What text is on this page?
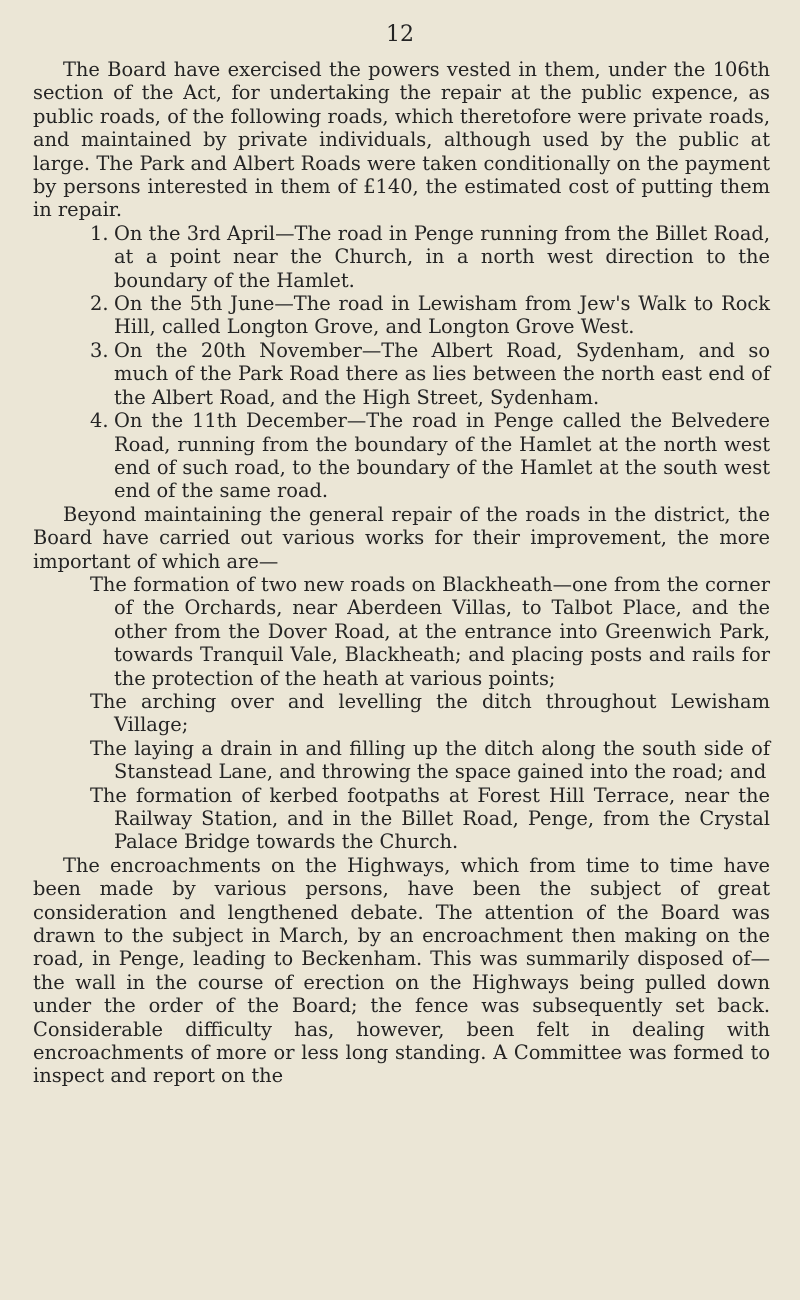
12

The Board have exercised the powers vested in them, under the 106th section of the Act, for undertaking the repair at the public expence, as public roads, of the following roads, which theretofore were private roads, and maintained by private individuals, although used by the public at large. The Park and Albert Roads were taken conditionally on the payment by persons interested in them of £140, the estimated cost of putting them in repair.

1. On the 3rd April—The road in Penge running from the Billet Road, at a point near the Church, in a north west direction to the boundary of the Hamlet.

2. On the 5th June—The road in Lewisham from Jew's Walk to Rock Hill, called Longton Grove, and Longton Grove West.

3. On the 20th November—The Albert Road, Sydenham, and so much of the Park Road there as lies between the north east end of the Albert Road, and the High Street, Sydenham.

4. On the 11th December—The road in Penge called the Belvedere Road, running from the boundary of the Hamlet at the north west end of such road, to the boundary of the Hamlet at the south west end of the same road.

Beyond maintaining the general repair of the roads in the district, the Board have carried out various works for their improvement, the more important of which are—

The formation of two new roads on Blackheath—one from the corner of the Orchards, near Aberdeen Villas, to Talbot Place, and the other from the Dover Road, at the entrance into Greenwich Park, towards Tranquil Vale, Blackheath; and placing posts and rails for the protection of the heath at various points;

The arching over and levelling the ditch throughout Lewisham Village;

The laying a drain in and filling up the ditch along the south side of Stanstead Lane, and throwing the space gained into the road; and

The formation of kerbed footpaths at Forest Hill Terrace, near the Railway Station, and in the Billet Road, Penge, from the Crystal Palace Bridge towards the Church.

The encroachments on the Highways, which from time to time have been made by various persons, have been the subject of great consideration and lengthened debate. The attention of the Board was drawn to the subject in March, by an encroachment then making on the road, in Penge, leading to Beckenham. This was summarily disposed of—the wall in the course of erection on the Highways being pulled down under the order of the Board; the fence was subsequently set back. Considerable difficulty has, however, been felt in dealing with encroachments of more or less long standing. A Committee was formed to inspect and report on the
